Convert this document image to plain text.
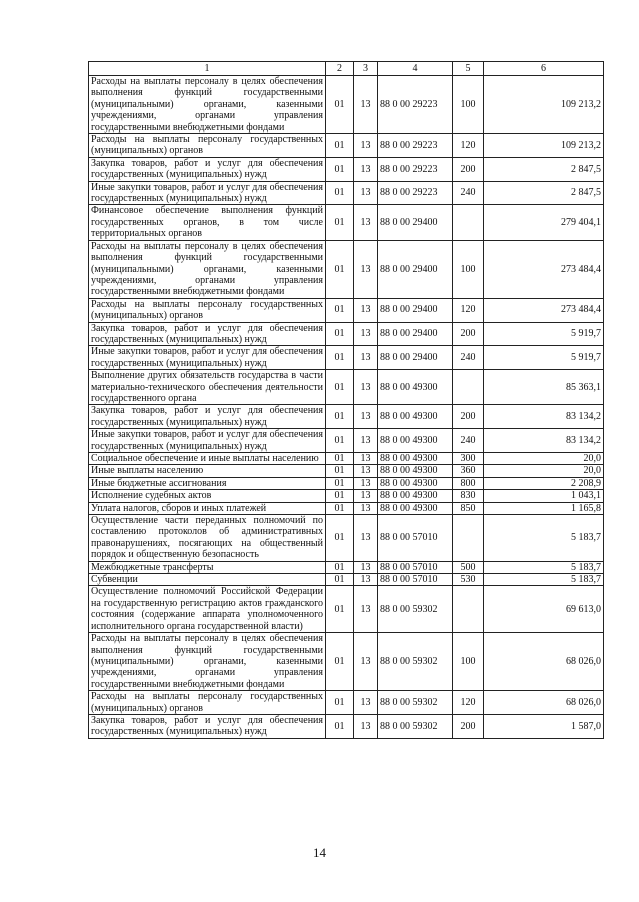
1	2	3	4	5	6
Расходы на выплаты персоналу в целях обеспечения выполнения функций государственными (муниципальными) органами, казенными учреждениями, органами управления государственными внебюджетными фондами	01	13	88 0 00 29223	100	109 213,2
Расходы на выплаты персоналу государственных (муниципальных) органов	01	13	88 0 00 29223	120	109 213,2
Закупка товаров, работ и услуг для обеспечения государственных (муниципальных) нужд	01	13	88 0 00 29223	200	2 847,5
Иные закупки товаров, работ и услуг для обеспечения государственных (муниципальных) нужд	01	13	88 0 00 29223	240	2 847,5
Финансовое обеспечение выполнения функций государственных органов, в том числе территориальных органов	01	13	88 0 00 29400		279 404,1
Расходы на выплаты персоналу в целях обеспечения выполнения функций государственными (муниципальными) органами, казенными учреждениями, органами управления государственными внебюджетными фондами	01	13	88 0 00 29400	100	273 484,4
Расходы на выплаты персоналу государственных (муниципальных) органов	01	13	88 0 00 29400	120	273 484,4
Закупка товаров, работ и услуг для обеспечения государственных (муниципальных) нужд	01	13	88 0 00 29400	200	5 919,7
Иные закупки товаров, работ и услуг для обеспечения государственных (муниципальных) нужд	01	13	88 0 00 29400	240	5 919,7
Выполнение других обязательств государства в части материально-технического обеспечения деятельности государственного органа	01	13	88 0 00 49300		85 363,1
Закупка товаров, работ и услуг для обеспечения государственных (муниципальных) нужд	01	13	88 0 00 49300	200	83 134,2
Иные закупки товаров, работ и услуг для обеспечения государственных (муниципальных) нужд	01	13	88 0 00 49300	240	83 134,2
Социальное обеспечение и иные выплаты населению	01	13	88 0 00 49300	300	20,0
Иные выплаты населению	01	13	88 0 00 49300	360	20,0
Иные бюджетные ассигнования	01	13	88 0 00 49300	800	2 208,9
Исполнение судебных актов	01	13	88 0 00 49300	830	1 043,1
Уплата налогов, сборов и иных платежей	01	13	88 0 00 49300	850	1 165,8
Осуществление части переданных полномочий по составлению протоколов об административных правонарушениях, посягающих на общественный порядок и общественную безопасность	01	13	88 0 00 57010		5 183,7
Межбюджетные трансферты	01	13	88 0 00 57010	500	5 183,7
Субвенции	01	13	88 0 00 57010	530	5 183,7
Осуществление полномочий Российской Федерации на государственную регистрацию актов гражданского состояния (содержание аппарата уполномоченного исполнительного органа государственной власти)	01	13	88 0 00 59302		69 613,0
Расходы на выплаты персоналу в целях обеспечения выполнения функций государственными (муниципальными) органами, казенными учреждениями, органами управления государственными внебюджетными фондами	01	13	88 0 00 59302	100	68 026,0
Расходы на выплаты персоналу государственных (муниципальных) органов	01	13	88 0 00 59302	120	68 026,0
Закупка товаров, работ и услуг для обеспечения государственных (муниципальных) нужд	01	13	88 0 00 59302	200	1 587,0
14
